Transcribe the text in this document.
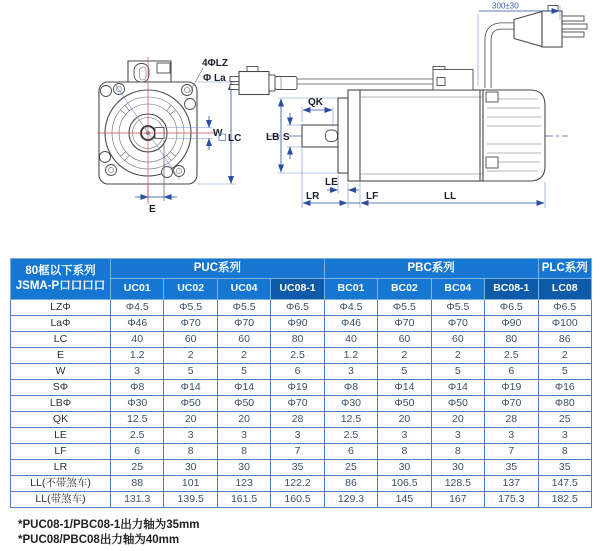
4ΦLZ
Φ La
W LC
E
300±30
LB S
QK
LE
LR	LF	LL
80框以下系列
JSMA-P口口口口	PUC系列				PBC系列				PLC系列
	UC01	UC02	UC04	UC08-1	BC01	BC02	BC04	BC08-1	LC08
LZΦ	Φ4.5	Φ5.5	Φ5.5	Φ6.5	Φ4.5	Φ5.5	Φ5.5	Φ6.5	Φ6.5
LaΦ	Φ46	Φ70	Φ70	Φ90	Φ46	Φ70	Φ70	Φ90	Φ100
LC	40	60	60	80	40	60	60	80	86
E	1.2	2	2	2.5	1.2	2	2	2.5	2
W	3	5	5	6	3	5	5	6	5
SΦ	Φ8	Φ14	Φ14	Φ19	Φ8	Φ14	Φ14	Φ19	Φ16
LBΦ	Φ30	Φ50	Φ50	Φ70	Φ30	Φ50	Φ50	Φ70	Φ80
QK	12.5	20	20	28	12.5	20	20	28	25
LE	2.5	3	3	3	2.5	3	3	3	3
LF	6	8	8	7	6	8	8	7	8
LR	25	30	30	35	25	30	30	35	35
LL(不带煞车)	88	101	123	122.2	86	106.5	128.5	137	147.5
LL(带煞车)	131.3	139.5	161.5	160.5	129.3	145	167	175.3	182.5
*PUC08-1/PBC08-1出力轴为35mm
*PUC08/PBC08出力轴为40mm
